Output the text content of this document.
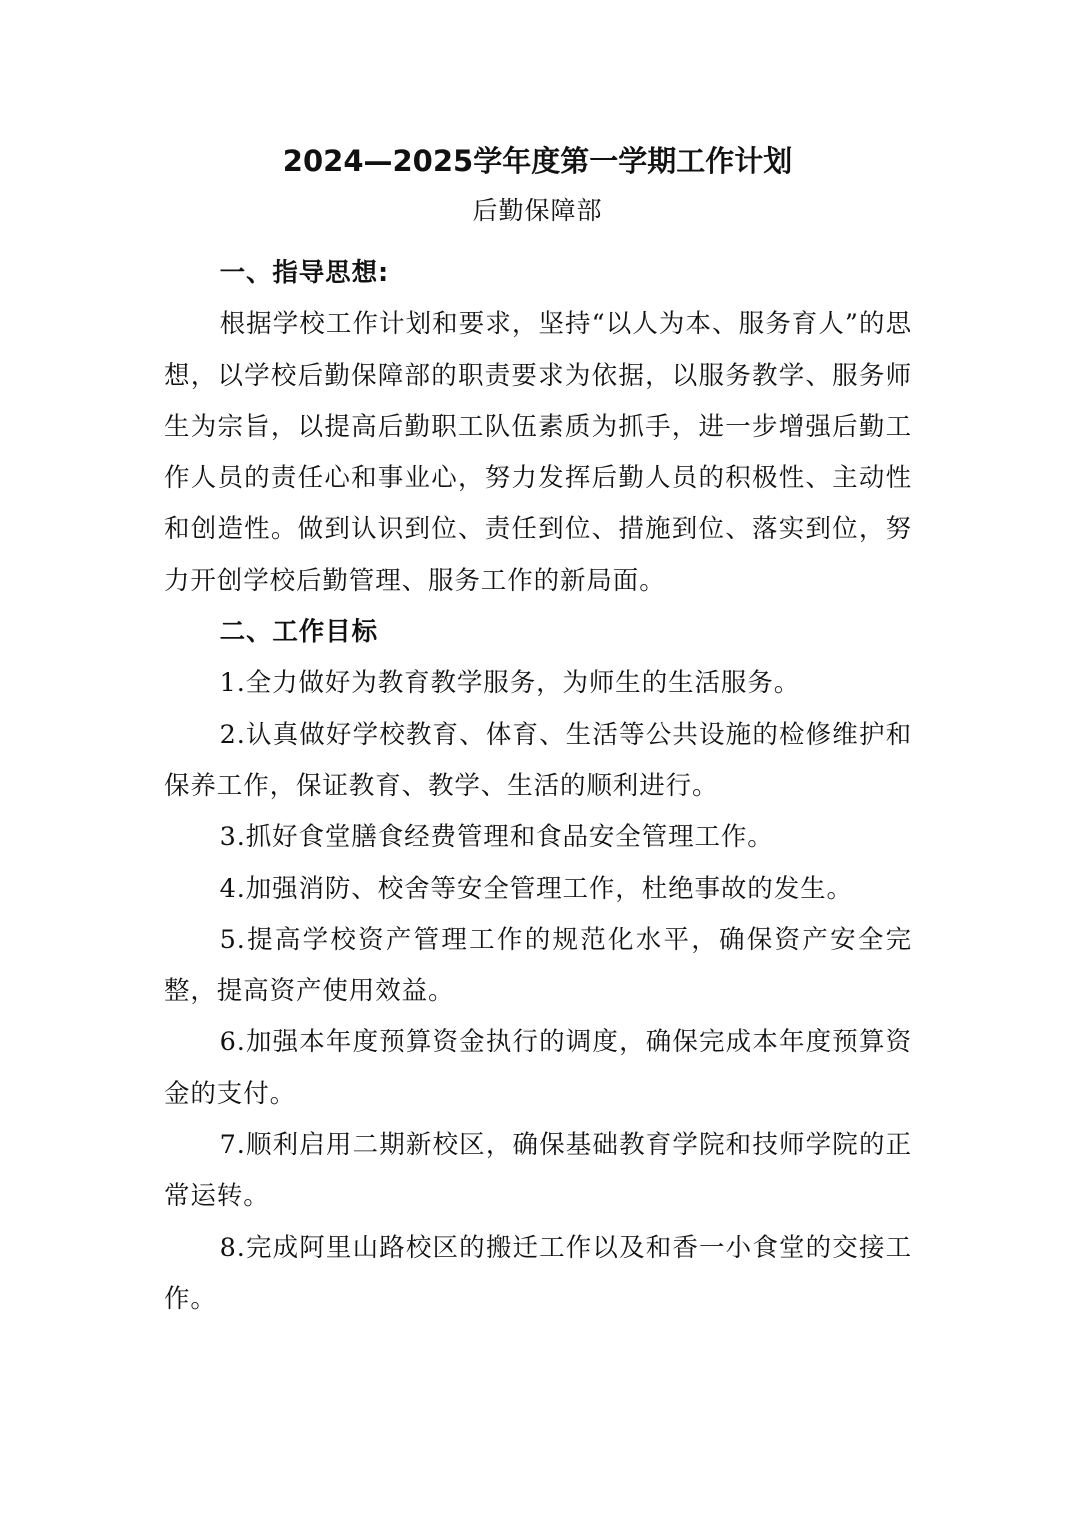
2024—2025学年度第一学期工作计划
后勤保障部
一、指导思想:

根据学校工作计划和要求，坚持“以人为本、服务育人”的思想，以学校后勤保障部的职责要求为依据，以服务教学、服务师生为宗旨，以提高后勤职工队伍素质为抓手，进一步增强后勤工作人员的责任心和事业心，努力发挥后勤人员的积极性、主动性和创造性。做到认识到位、责任到位、措施到位、落实到位，努力开创学校后勤管理、服务工作的新局面。

二、工作目标

1.全力做好为教育教学服务，为师生的生活服务。

2.认真做好学校教育、体育、生活等公共设施的检修维护和保养工作，保证教育、教学、生活的顺利进行。

3.抓好食堂膳食经费管理和食品安全管理工作。

4.加强消防、校舍等安全管理工作，杜绝事故的发生。

5.提高学校资产管理工作的规范化水平，确保资产安全完整，提高资产使用效益。

6.加强本年度预算资金执行的调度，确保完成本年度预算资金的支付。

7.顺利启用二期新校区，确保基础教育学院和技师学院的正常运转。

8.完成阿里山路校区的搬迁工作以及和香一小食堂的交接工作。
